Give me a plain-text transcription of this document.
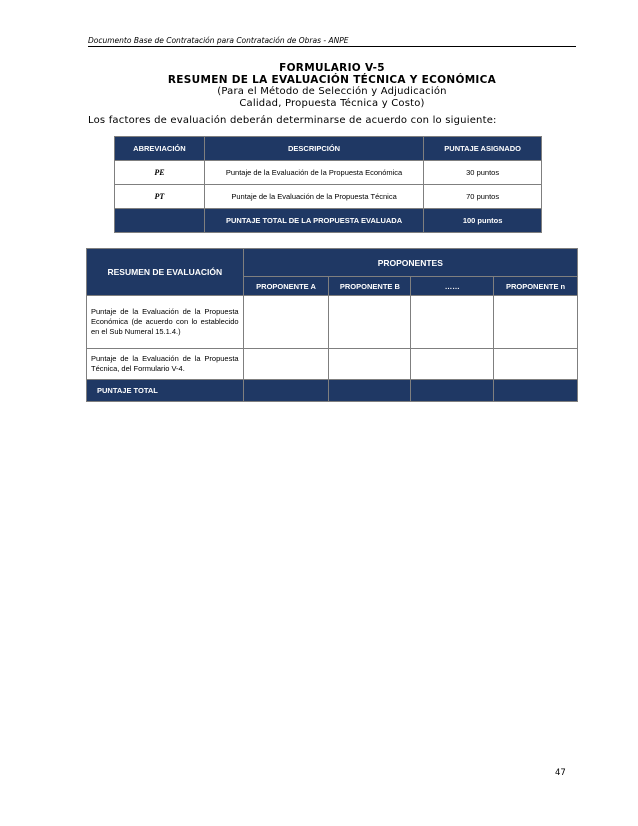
Documento Base de Contratación para Contratación de Obras - ANPE
FORMULARIO V-5
RESUMEN DE LA EVALUACIÓN TÉCNICA Y ECONÓMICA
(Para el Método de Selección y Adjudicación
Calidad, Propuesta Técnica y Costo)
Los factores de evaluación deberán determinarse de acuerdo con lo siguiente:
ABREVIACIÓN	DESCRIPCIÓN	PUNTAJE ASIGNADO
PE	Puntaje de la Evaluación de la Propuesta Económica	30 puntos
PT	Puntaje de la Evaluación de la Propuesta Técnica	70 puntos
	PUNTAJE TOTAL DE LA PROPUESTA EVALUADA	100 puntos
RESUMEN DE EVALUACIÓN	PROPONENTES			
	PROPONENTE A	PROPONENTE B	……	PROPONENTE n
Puntaje de la Evaluación de la Propuesta Económica (de acuerdo con lo establecido en el Sub Numeral 15.1.4.)				
Puntaje de la Evaluación de la Propuesta Técnica, del Formulario V-4.				
PUNTAJE TOTAL				
47
